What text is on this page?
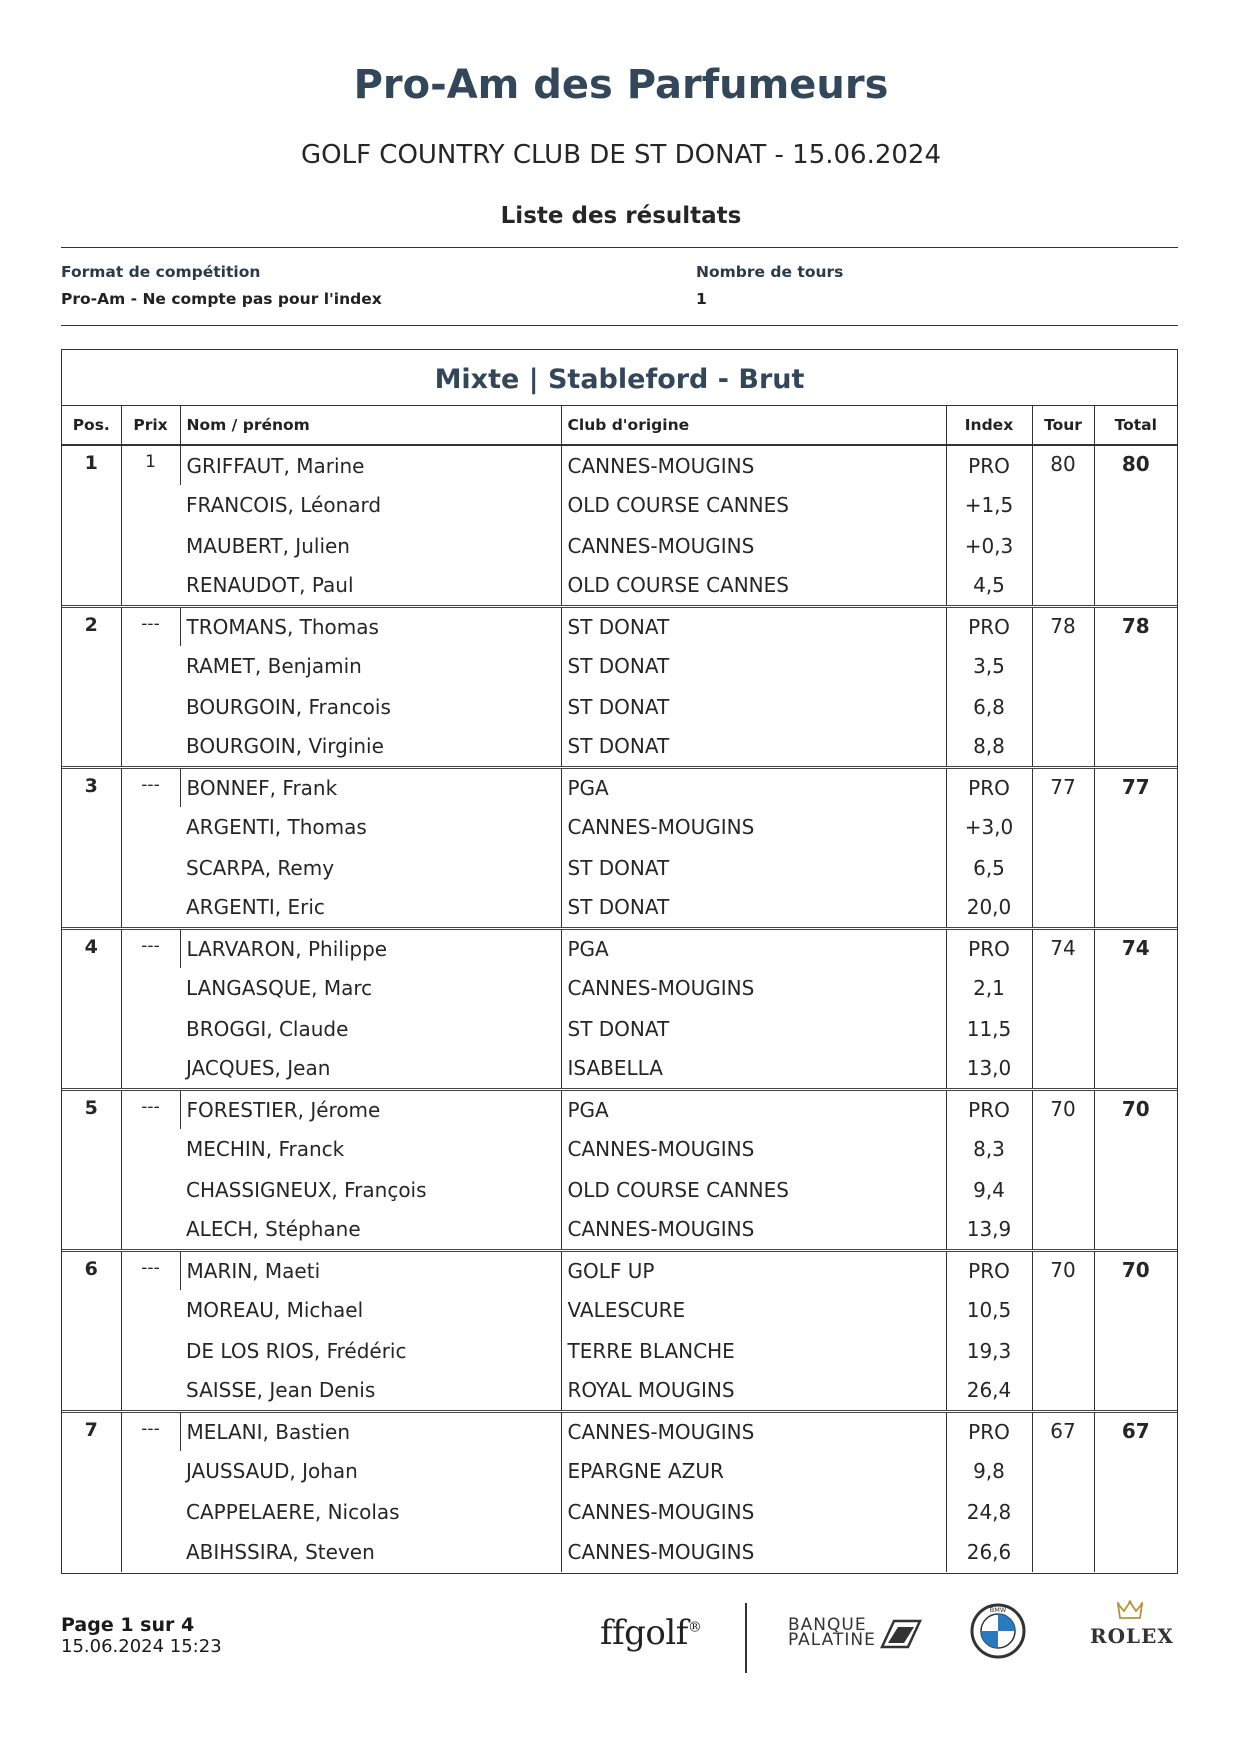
Pro-Am des Parfumeurs
GOLF COUNTRY CLUB DE ST DONAT - 15.06.2024
Liste des résultats
Format de compétition
Pro-Am - Ne compte pas pour l'index
Nombre de tours
1
Mixte | Stableford - Brut
Pos.	Prix	Nom / prénom	Club d'origine	Index	Tour	Total
1	1	GRIFFAUT, Marine	CANNES-MOUGINS	PRO	80	80
		FRANCOIS, Léonard	OLD COURSE CANNES	+1,5		
		MAUBERT, Julien	CANNES-MOUGINS	+0,3		
		RENAUDOT, Paul	OLD COURSE CANNES	4,5		
2	---	TROMANS, Thomas	ST DONAT	PRO	78	78
		RAMET, Benjamin	ST DONAT	3,5		
		BOURGOIN, Francois	ST DONAT	6,8		
		BOURGOIN, Virginie	ST DONAT	8,8		
3	---	BONNEF, Frank	PGA	PRO	77	77
		ARGENTI, Thomas	CANNES-MOUGINS	+3,0		
		SCARPA, Remy	ST DONAT	6,5		
		ARGENTI, Eric	ST DONAT	20,0		
4	---	LARVARON, Philippe	PGA	PRO	74	74
		LANGASQUE, Marc	CANNES-MOUGINS	2,1		
		BROGGI, Claude	ST DONAT	11,5		
		JACQUES, Jean	ISABELLA	13,0		
5	---	FORESTIER, Jérome	PGA	PRO	70	70
		MECHIN, Franck	CANNES-MOUGINS	8,3		
		CHASSIGNEUX, François	OLD COURSE CANNES	9,4		
		ALECH, Stéphane	CANNES-MOUGINS	13,9		
6	---	MARIN, Maeti	GOLF UP	PRO	70	70
		MOREAU, Michael	VALESCURE	10,5		
		DE LOS RIOS, Frédéric	TERRE BLANCHE	19,3		
		SAISSE, Jean Denis	ROYAL MOUGINS	26,4		
7	---	MELANI, Bastien	CANNES-MOUGINS	PRO	67	67
		JAUSSAUD, Johan	EPARGNE AZUR	9,8		
		CAPPELAERE, Nicolas	CANNES-MOUGINS	24,8		
		ABIHSSIRA, Steven	CANNES-MOUGINS	26,6		
Page 1 sur 4
15.06.2024 15:23	ffgolf®	BANQUE
PALATINE
BMW
ROLEX
